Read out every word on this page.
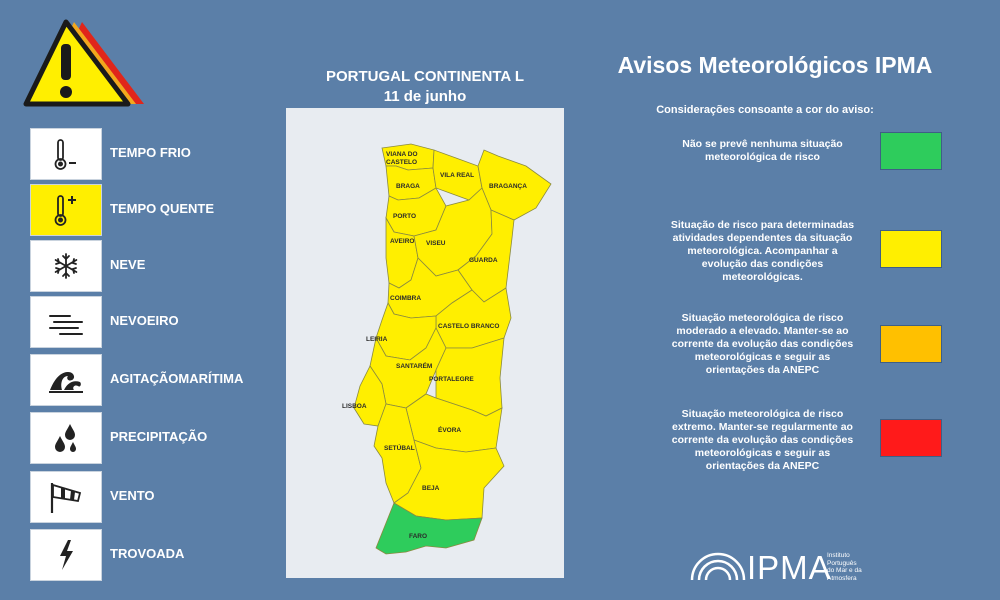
TEMPO FRIO
TEMPO QUENTE
NEVE
NEVOEIRO
AGITAÇÃO MARÍTIMA
PRECIPITAÇÃO
VENTO
TROVOADA
PORTUGAL CONTINENTA L
11 de junho
VIANA DO
CASTELO
BRAGA
VILA REAL
BRAGANÇA
PORTO
AVEIRO VISEU
GUARDA
COIMBRA
CASTELO BRANCO
LEIRIA
SANTARÉM
PORTALEGRE
LISBOA
ÉVORA
SETÚBAL
BEJA
FARO
Avisos Meteorológicos IPMA
Considerações consoante a cor do aviso:
Não se prevê nenhuma situação
meteorológica de risco
Situação de risco para determinadas
atividades dependentes da situação
meteorológica. Acompanhar a
evolução das condições
meteorológicas.
Situação meteorológica de risco
moderado a elevado. Manter-se ao
corrente da evolução das condições
meteorológicas e seguir as
orientações da ANEPC
Situação meteorológica de risco
extremo. Manter-se regularmente ao
corrente da evolução das condições
meteorológicas e seguir as
orientações da ANEPC
IPMA
Instituto
Português
do Mar e da
Atmosfera
